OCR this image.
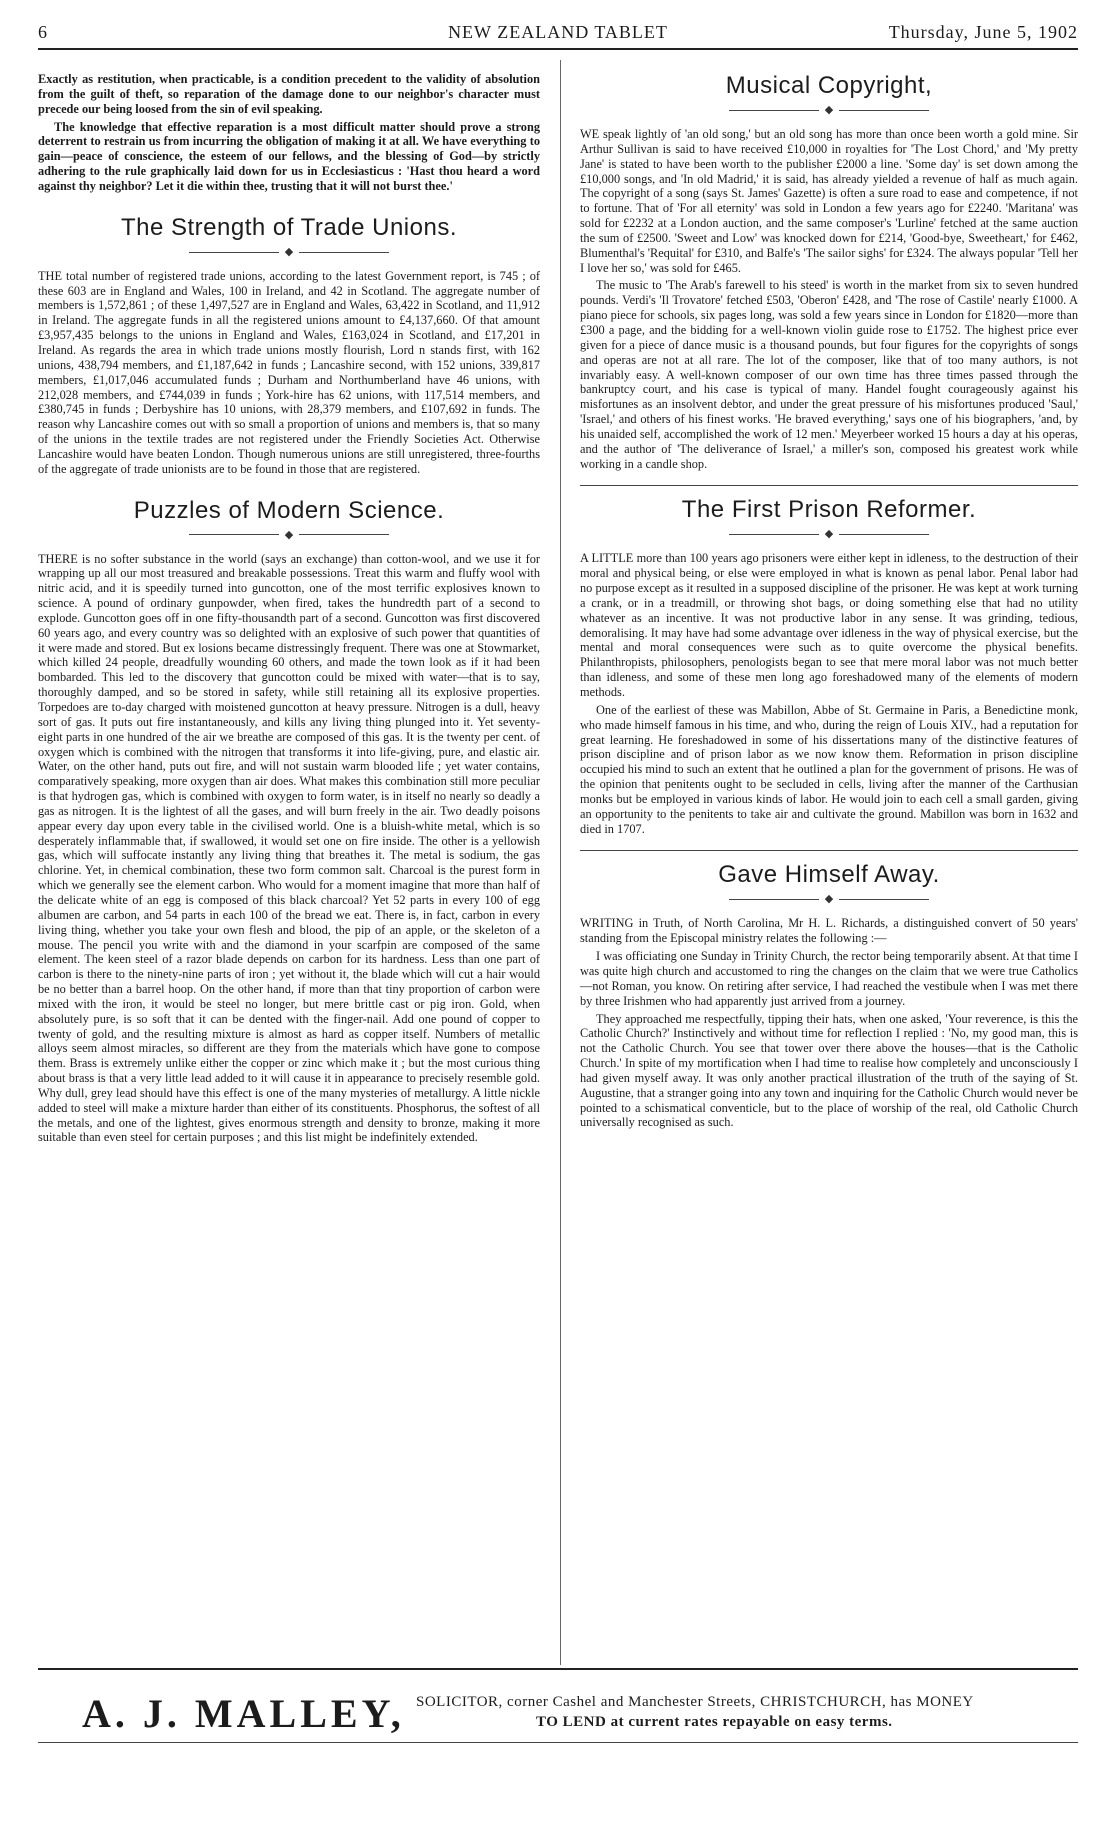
6	NEW ZEALAND TABLET	Thursday, June 5, 1902

Exactly as restitution, when practicable, is a condition precedent to the validity of absolution from the guilt of theft, so reparation of the damage done to our neighbor's character must precede our being loosed from the sin of evil speaking.

The knowledge that effective reparation is a most difficult matter should prove a strong deterrent to restrain us from incurring the obligation of making it at all. We have everything to gain—peace of conscience, the esteem of our fellows, and the blessing of God—by strictly adhering to the rule graphically laid down for us in Ecclesiasticus : 'Hast thou heard a word against thy neighbor? Let it die within thee, trusting that it will not burst thee.'

The Strength of Trade Unions.
◆

THE total number of registered trade unions, according to the latest Government report, is 745 ; of these 603 are in England and Wales, 100 in Ireland, and 42 in Scotland. The aggregate number of members is 1,572,861 ; of these 1,497,527 are in England and Wales, 63,422 in Scotland, and 11,912 in Ireland. The aggregate funds in all the registered unions amount to £4,137,660. Of that amount £3,957,435 belongs to the unions in England and Wales, £163,024 in Scotland, and £17,201 in Ireland. As regards the area in which trade unions mostly flourish, Lord n stands first, with 162 unions, 438,794 members, and £1,187,642 in funds ; Lancashire second, with 152 unions, 339,817 members, £1,017,046 accumulated funds ; Durham and Northumberland have 46 unions, with 212,028 members, and £744,039 in funds ; York-hire has 62 unions, with 117,514 members, and £380,745 in funds ; Derbyshire has 10 unions, with 28,379 members, and £107,692 in funds. The reason why Lancashire comes out with so small a proportion of unions and members is, that so many of the unions in the textile trades are not registered under the Friendly Societies Act. Otherwise Lancashire would have beaten London. Though numerous unions are still unregistered, three-fourths of the aggregate of trade unionists are to be found in those that are registered.

Puzzles of Modern Science.
◆

THERE is no softer substance in the world (says an exchange) than cotton-wool, and we use it for wrapping up all our most treasured and breakable possessions. Treat this warm and fluffy wool with nitric acid, and it is speedily turned into guncotton, one of the most terrific explosives known to science. A pound of ordinary gunpowder, when fired, takes the hundredth part of a second to explode. Guncotton goes off in one fifty-thousandth part of a second. Guncotton was first discovered 60 years ago, and every country was so delighted with an explosive of such power that quantities of it were made and stored. But ex losions became distressingly frequent. There was one at Stowmarket, which killed 24 people, dreadfully wounding 60 others, and made the town look as if it had been bombarded. This led to the discovery that guncotton could be mixed with water—that is to say, thoroughly damped, and so be stored in safety, while still retaining all its explosive properties. Torpedoes are to-day charged with moistened guncotton at heavy pressure. Nitrogen is a dull, heavy sort of gas. It puts out fire instantaneously, and kills any living thing plunged into it. Yet seventy-eight parts in one hundred of the air we breathe are composed of this gas. It is the twenty per cent. of oxygen which is combined with the nitrogen that transforms it into life-giving, pure, and elastic air. Water, on the other hand, puts out fire, and will not sustain warm blooded life ; yet water contains, comparatively speaking, more oxygen than air does. What makes this combination still more peculiar is that hydrogen gas, which is combined with oxygen to form water, is in itself no nearly so deadly a gas as nitrogen. It is the lightest of all the gases, and will burn freely in the air. Two deadly poisons appear every day upon every table in the civilised world. One is a bluish-white metal, which is so desperately inflammable that, if swallowed, it would set one on fire inside. The other is a yellowish gas, which will suffocate instantly any living thing that breathes it. The metal is sodium, the gas chlorine. Yet, in chemical combination, these two form common salt. Charcoal is the purest form in which we generally see the element carbon. Who would for a moment imagine that more than half of the delicate white of an egg is composed of this black charcoal? Yet 52 parts in every 100 of egg albumen are carbon, and 54 parts in each 100 of the bread we eat. There is, in fact, carbon in every living thing, whether you take your own flesh and blood, the pip of an apple, or the skeleton of a mouse. The pencil you write with and the diamond in your scarfpin are composed of the same element. The keen steel of a razor blade depends on carbon for its hardness. Less than one part of carbon is there to the ninety-nine parts of iron ; yet without it, the blade which will cut a hair would be no better than a barrel hoop. On the other hand, if more than that tiny proportion of carbon were mixed with the iron, it would be steel no longer, but mere brittle cast or pig iron. Gold, when absolutely pure, is so soft that it can be dented with the finger-nail. Add one pound of copper to twenty of gold, and the resulting mixture is almost as hard as copper itself. Numbers of metallic alloys seem almost miracles, so different are they from the materials which have gone to compose them. Brass is extremely unlike either the copper or zinc which make it ; but the most curious thing about brass is that a very little lead added to it will cause it in appearance to precisely resemble gold. Why dull, grey lead should have this effect is one of the many mysteries of metallurgy. A little nickle added to steel will make a mixture harder than either of its constituents. Phosphorus, the softest of all the metals, and one of the lightest, gives enormous strength and density to bronze, making it more suitable than even steel for certain purposes ; and this list might be indefinitely extended.

Musical Copyright,
◆

WE speak lightly of 'an old song,' but an old song has more than once been worth a gold mine. Sir Arthur Sullivan is said to have received £10,000 in royalties for 'The Lost Chord,' and 'My pretty Jane' is stated to have been worth to the publisher £2000 a line. 'Some day' is set down among the £10,000 songs, and 'In old Madrid,' it is said, has already yielded a revenue of half as much again. The copyright of a song (says St. James' Gazette) is often a sure road to ease and competence, if not to fortune. That of 'For all eternity' was sold in London a few years ago for £2240. 'Maritana' was sold for £2232 at a London auction, and the same composer's 'Lurline' fetched at the same auction the sum of £2500. 'Sweet and Low' was knocked down for £214, 'Good-bye, Sweetheart,' for £462, Blumenthal's 'Requital' for £310, and Balfe's 'The sailor sighs' for £324. The always popular 'Tell her I love her so,' was sold for £465.

The music to 'The Arab's farewell to his steed' is worth in the market from six to seven hundred pounds. Verdi's 'Il Trovatore' fetched £503, 'Oberon' £428, and 'The rose of Castile' nearly £1000. A piano piece for schools, six pages long, was sold a few years since in London for £1820—more than £300 a page, and the bidding for a well-known violin guide rose to £1752. The highest price ever given for a piece of dance music is a thousand pounds, but four figures for the copyrights of songs and operas are not at all rare. The lot of the composer, like that of too many authors, is not invariably easy. A well-known composer of our own time has three times passed through the bankruptcy court, and his case is typical of many. Handel fought courageously against his misfortunes as an insolvent debtor, and under the great pressure of his misfortunes produced 'Saul,' 'Israel,' and others of his finest works. 'He braved everything,' says one of his biographers, 'and, by his unaided self, accomplished the work of 12 men.' Meyerbeer worked 15 hours a day at his operas, and the author of 'The deliverance of Israel,' a miller's son, composed his greatest work while working in a candle shop.

The First Prison Reformer.
◆

A LITTLE more than 100 years ago prisoners were either kept in idleness, to the destruction of their moral and physical being, or else were employed in what is known as penal labor. Penal labor had no purpose except as it resulted in a supposed discipline of the prisoner. He was kept at work turning a crank, or in a treadmill, or throwing shot bags, or doing something else that had no utility whatever as an incentive. It was not productive labor in any sense. It was grinding, tedious, demoralising. It may have had some advantage over idleness in the way of physical exercise, but the mental and moral consequences were such as to quite overcome the physical benefits. Philanthropists, philosophers, penologists began to see that mere moral labor was not much better than idleness, and some of these men long ago foreshadowed many of the elements of modern methods.

One of the earliest of these was Mabillon, Abbe of St. Germaine in Paris, a Benedictine monk, who made himself famous in his time, and who, during the reign of Louis XIV., had a reputation for great learning. He foreshadowed in some of his dissertations many of the distinctive features of prison discipline and of prison labor as we now know them. Reformation in prison discipline occupied his mind to such an extent that he outlined a plan for the government of prisons. He was of the opinion that penitents ought to be secluded in cells, living after the manner of the Carthusian monks but be employed in various kinds of labor. He would join to each cell a small garden, giving an opportunity to the penitents to take air and cultivate the ground. Mabillon was born in 1632 and died in 1707.

Gave Himself Away.
◆

WRITING in Truth, of North Carolina, Mr H. L. Richards, a distinguished convert of 50 years' standing from the Episcopal ministry relates the following :—

I was officiating one Sunday in Trinity Church, the rector being temporarily absent. At that time I was quite high church and accustomed to ring the changes on the claim that we were true Catholics—not Roman, you know. On retiring after service, I had reached the vestibule when I was met there by three Irishmen who had apparently just arrived from a journey.

They approached me respectfully, tipping their hats, when one asked, 'Your reverence, is this the Catholic Church?' Instinctively and without time for reflection I replied : 'No, my good man, this is not the Catholic Church. You see that tower over there above the houses—that is the Catholic Church.' In spite of my mortification when I had time to realise how completely and unconsciously I had given myself away. It was only another practical illustration of the truth of the saying of St. Augustine, that a stranger going into any town and inquiring for the Catholic Church would never be pointed to a schismatical conventicle, but to the place of worship of the real, old Catholic Church universally recognised as such.

A. J. MALLEY, SOLICITOR, corner Cashel and Manchester Streets, CHRISTCHURCH, has MONEY
TO LEND at current rates repayable on easy terms.
